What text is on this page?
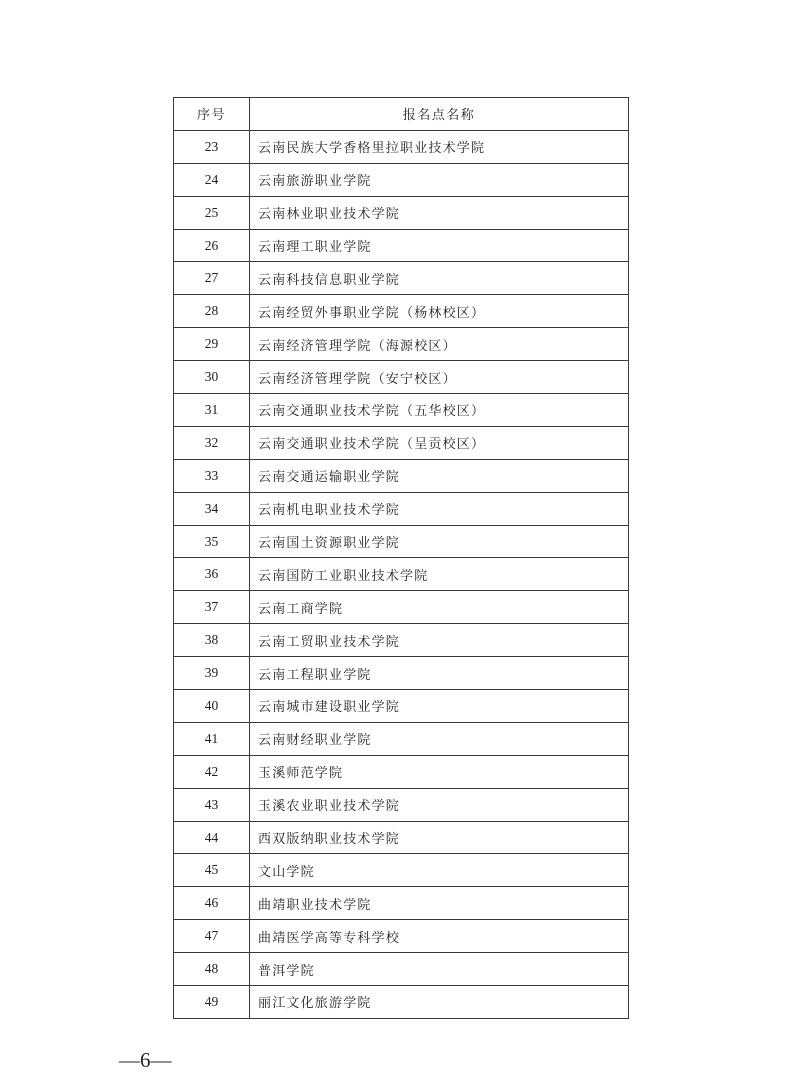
序号	报名点名称
23	云南民族大学香格里拉职业技术学院
24	云南旅游职业学院
25	云南林业职业技术学院
26	云南理工职业学院
27	云南科技信息职业学院
28	云南经贸外事职业学院（杨林校区）
29	云南经济管理学院（海源校区）
30	云南经济管理学院（安宁校区）
31	云南交通职业技术学院（五华校区）
32	云南交通职业技术学院（呈贡校区）
33	云南交通运输职业学院
34	云南机电职业技术学院
35	云南国土资源职业学院
36	云南国防工业职业技术学院
37	云南工商学院
38	云南工贸职业技术学院
39	云南工程职业学院
40	云南城市建设职业学院
41	云南财经职业学院
42	玉溪师范学院
43	玉溪农业职业技术学院
44	西双版纳职业技术学院
45	文山学院
46	曲靖职业技术学院
47	曲靖医学高等专科学校
48	普洱学院
49	丽江文化旅游学院
—6—
